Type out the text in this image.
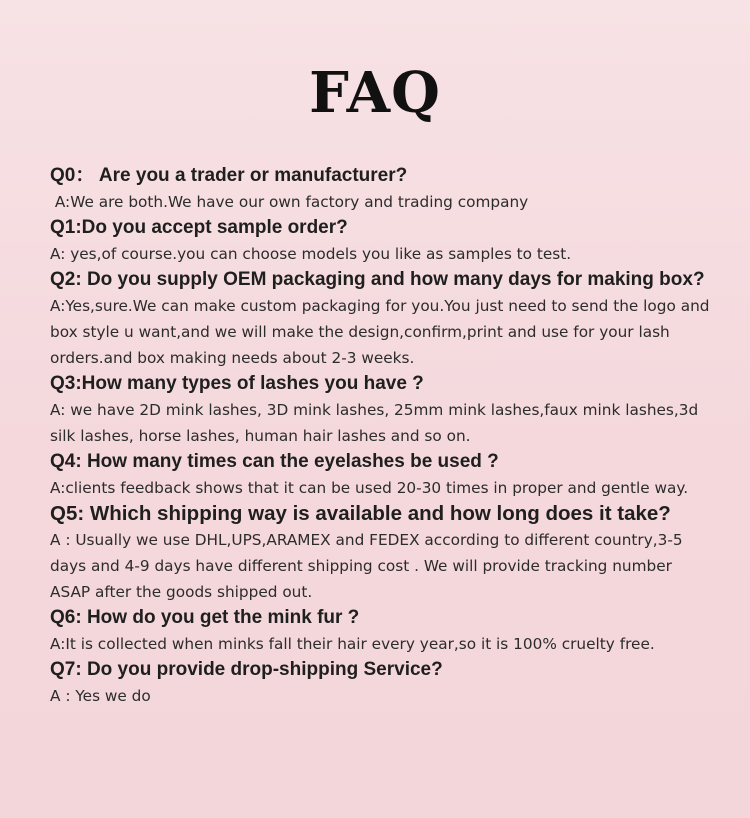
FAQ
Q0： Are you a trader or manufacturer?
A:We are both.We have our own factory and trading company
Q1:Do you accept sample order?
A: yes,of course.you can choose models you like as samples to test.
Q2: Do you supply OEM packaging and how many days for making box?
A:Yes,sure.We can make custom packaging for you.You just need to send the logo and box style u want,and we will make the design,confirm,print and use for your lash orders.and box making needs about 2-3 weeks.
Q3:How many types of lashes you have ?
A: we have 2D mink lashes, 3D mink lashes, 25mm mink lashes,faux mink lashes,3d silk lashes, horse lashes, human hair lashes and so on.
Q4: How many times can the eyelashes be used ?
A:clients feedback shows that it can be used 20-30 times in proper and gentle way.
Q5: Which shipping way is available and how long does it take?
A : Usually we use DHL,UPS,ARAMEX and FEDEX according to different country,3-5 days and 4-9 days have different shipping cost . We will provide tracking number ASAP after the goods shipped out.
Q6: How do you get the mink fur ?
A:It is collected when minks fall their hair every year,so it is 100% cruelty free.
Q7: Do you provide drop-shipping Service?
A : Yes we do
